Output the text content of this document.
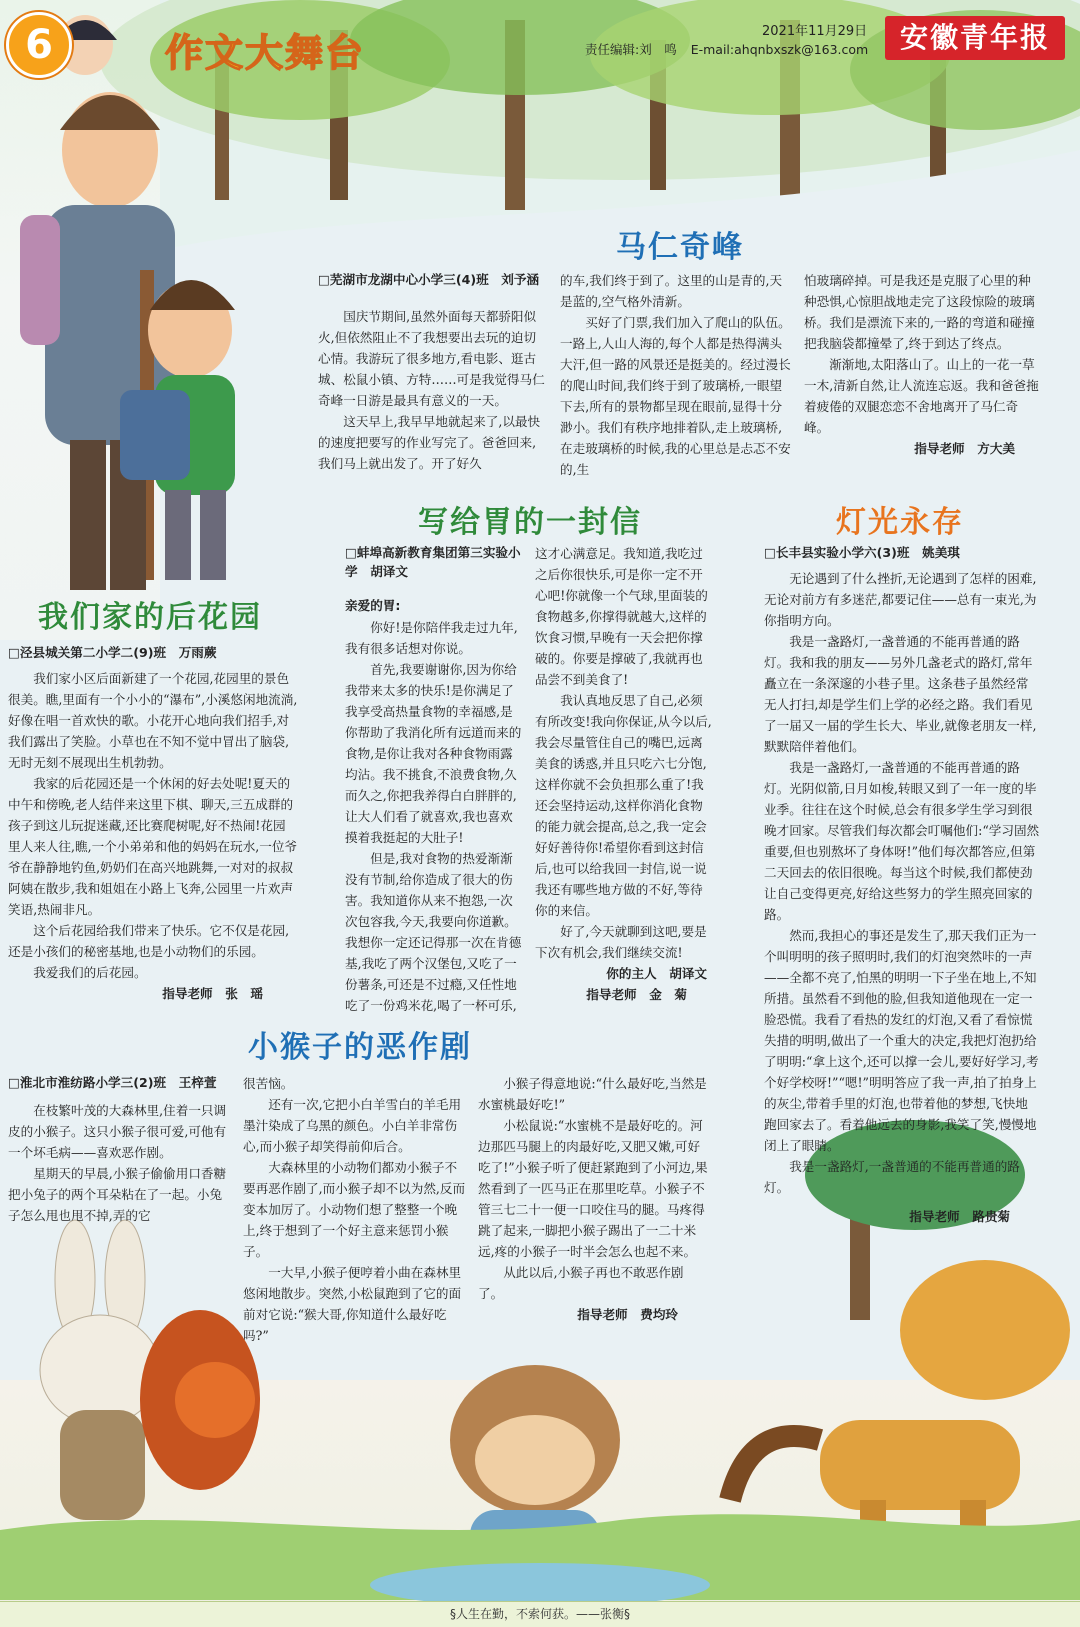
6	作文大舞台	2021年11月29日
责任编辑:刘　鸣 E-mail:ahqnbxszk@163.com	安徽青年报
马仁奇峰
□芜湖市龙湖中心小学三(4)班　刘予涵

国庆节期间,虽然外面每天都骄阳似火,但依然阻止不了我想要出去玩的迫切心情。我游玩了很多地方,看电影、逛古城、松鼠小镇、方特……可是我觉得马仁奇峰一日游是最具有意义的一天。

这天早上,我早早地就起来了,以最快的速度把要写的作业写完了。爸爸回来,我们马上就出发了。开了好久

的车,我们终于到了。这里的山是青的,天是蓝的,空气格外清新。

买好了门票,我们加入了爬山的队伍。一路上,人山人海的,每个人都是热得满头大汗,但一路的风景还是挺美的。经过漫长的爬山时间,我们终于到了玻璃桥,一眼望下去,所有的景物都呈现在眼前,显得十分渺小。我们有秩序地排着队,走上玻璃桥,在走玻璃桥的时候,我的心里总是忐忑不安的,生

怕玻璃碎掉。可是我还是克服了心里的种种恐惧,心惊胆战地走完了这段惊险的玻璃桥。我们是漂流下来的,一路的弯道和碰撞把我脑袋都撞晕了,终于到达了终点。

渐渐地,太阳落山了。山上的一花一草一木,清新自然,让人流连忘返。我和爸爸拖着疲倦的双腿恋恋不舍地离开了马仁奇峰。

指导老师　方大美
我们家的后花园
□泾县城关第二小学二(9)班　万雨蕨

我们家小区后面新建了一个花园,花园里的景色很美。瞧,里面有一个小小的“瀑布”,小溪悠闲地流淌,好像在唱一首欢快的歌。小花开心地向我们招手,对我们露出了笑脸。小草也在不知不觉中冒出了脑袋,无时无刻不展现出生机勃勃。

我家的后花园还是一个休闲的好去处呢!夏天的中午和傍晚,老人结伴来这里下棋、聊天,三五成群的孩子到这儿玩捉迷藏,还比赛爬树呢,好不热闹!花园里人来人往,瞧,一个小弟弟和他的妈妈在玩水,一位爷爷在静静地钓鱼,奶奶们在高兴地跳舞,一对对的叔叔阿姨在散步,我和姐姐在小路上飞奔,公园里一片欢声笑语,热闹非凡。

这个后花园给我们带来了快乐。它不仅是花园,还是小孩们的秘密基地,也是小动物们的乐园。

我爱我们的后花园。

指导老师　张　瑶
写给胃的一封信
□蚌埠高新教育集团第三实验小学　胡译文
亲爱的胃:

你好!是你陪伴我走过九年,我有很多话想对你说。

首先,我要谢谢你,因为你给我带来太多的快乐!是你满足了我享受高热量食物的幸福感,是你帮助了我消化所有远道而来的食物,是你让我对各种食物雨露均沾。我不挑食,不浪费食物,久而久之,你把我养得白白胖胖的,让大人们看了就喜欢,我也喜欢摸着我挺起的大肚子!

但是,我对食物的热爱渐渐没有节制,给你造成了很大的伤害。我知道你从来不抱怨,一次次包容我,今天,我要向你道歉。我想你一定还记得那一次在肯德基,我吃了两个汉堡包,又吃了一份薯条,可还是不过瘾,又任性地吃了一份鸡米花,喝了一杯可乐,

这才心满意足。我知道,我吃过之后你很快乐,可是你一定不开心吧!你就像一个气球,里面装的食物越多,你撑得就越大,这样的饮食习惯,早晚有一天会把你撑破的。你要是撑破了,我就再也品尝不到美食了!

我认真地反思了自己,必须有所改变!我向你保证,从今以后,我会尽量管住自己的嘴巴,远离美食的诱惑,并且只吃六七分饱,这样你就不会负担那么重了!我还会坚持运动,这样你消化食物的能力就会提高,总之,我一定会好好善待你!希望你看到这封信后,也可以给我回一封信,说一说我还有哪些地方做的不好,等待你的来信。

好了,今天就聊到这吧,要是下次有机会,我们继续交流!

你的主人　胡译文
指导老师　金　菊
灯光永存
□长丰县实验小学六(3)班　姚美琪

无论遇到了什么挫折,无论遇到了怎样的困难,无论对前方有多迷茫,都要记住——总有一束光,为你指明方向。

我是一盏路灯,一盏普通的不能再普通的路灯。我和我的朋友——另外几盏老式的路灯,常年矗立在一条深邃的小巷子里。这条巷子虽然经常无人打扫,却是学生们上学的必经之路。我们看见了一届又一届的学生长大、毕业,就像老朋友一样,默默陪伴着他们。

我是一盏路灯,一盏普通的不能再普通的路灯。光阴似箭,日月如梭,转眼又到了一年一度的毕业季。往往在这个时候,总会有很多学生学习到很晚才回家。尽管我们每次都会叮嘱他们:“学习固然重要,但也别熬坏了身体呀!”他们每次都答应,但第二天回去的依旧很晚。每当这个时候,我们都使劲让自己变得更亮,好给这些努力的学生照亮回家的路。

然而,我担心的事还是发生了,那天我们正为一个叫明明的孩子照明时,我们的灯泡突然咔的一声——全都不亮了,怕黑的明明一下子坐在地上,不知所措。虽然看不到他的脸,但我知道他现在一定一脸恐慌。我看了看热的发红的灯泡,又看了看惊慌失措的明明,做出了一个重大的决定,我把灯泡扔给了明明:“拿上这个,还可以撑一会儿,要好好学习,考个好学校呀!”“嗯!”明明答应了我一声,拍了拍身上的灰尘,带着手里的灯泡,也带着他的梦想,飞快地跑回家去了。看着他远去的身影,我笑了笑,慢慢地闭上了眼睛。

我是一盏路灯,一盏普通的不能再普通的路灯。

指导老师　路贵菊
小猴子的恶作剧
□淮北市淮纺路小学三(2)班　王梓萱

在枝繁叶茂的大森林里,住着一只调皮的小猴子。这只小猴子很可爱,可他有一个坏毛病——喜欢恶作剧。

星期天的早晨,小猴子偷偷用口香糖把小兔子的两个耳朵粘在了一起。小兔子怎么甩也甩不掉,弄的它

很苦恼。

还有一次,它把小白羊雪白的羊毛用墨汁染成了乌黑的颜色。小白羊非常伤心,而小猴子却笑得前仰后合。

大森林里的小动物们都劝小猴子不要再恶作剧了,而小猴子却不以为然,反而变本加厉了。小动物们想了整整一个晚上,终于想到了一个好主意来惩罚小猴子。

一大早,小猴子便哼着小曲在森林里悠闲地散步。突然,小松鼠跑到了它的面前对它说:“猴大哥,你知道什么最好吃吗?”

小猴子得意地说:“什么最好吃,当然是水蜜桃最好吃!”

小松鼠说:“水蜜桃不是最好吃的。河边那匹马腿上的肉最好吃,又肥又嫩,可好吃了!”小猴子听了便赶紧跑到了小河边,果然看到了一匹马正在那里吃草。小猴子不管三七二十一便一口咬住马的腿。马疼得跳了起来,一脚把小猴子踢出了一二十米远,疼的小猴子一时半会怎么也起不来。

从此以后,小猴子再也不敢恶作剧了。

指导老师　费均玲
§人生在勤，不索何获。——张衡§
